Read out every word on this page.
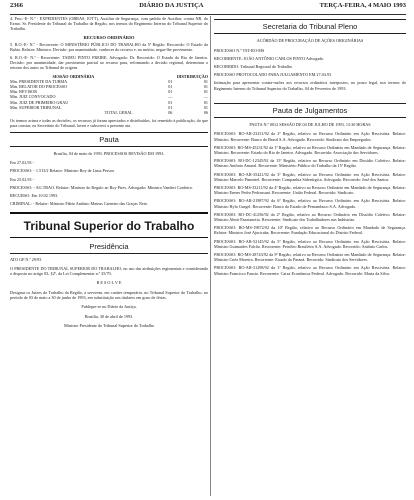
2366	DIÁRIO DA JUSTIÇA	TERÇA-FEIRA, 4 MAIO 1993

4. Proc.-E- N.º - EXPEDIENTES (OBRAS, JOTT), Auxiliar de Segurança, com padrão de Auxiliar, contra NR. do Exmo. Sr. Presidente do Tribunal do Trabalho da Região, nos termos do Regimento Interno do Tribunal Superior do Trabalho.

RECURSO ORDINÁRIO

5. R.O.-E- N.º - Recorrente: O MINISTÉRIO PÚBLICO DO TRABALHO da 5ª Região. Recorrido: O Estado da Bahia. Relator: Ministro. Decisão: por unanimidade, conhecer do recurso e, no mérito, negar-lhe provimento.

6. R.O.-E- N.º - Recorrente: TADEU PINTO FREIRE. Advogado: Dr. Recorrido: O Estado do Rio de Janeiro. Decisão: por unanimidade, dar provimento parcial ao recurso para, reformando a decisão regional, determinar o retorno dos autos ao Tribunal de origem.

SESSÃO ORDINÁRIA		DISTRIBUIÇÃO
Min. PRESIDENTE DA TURMA	01	01
Min. RELATOR DO PROCESSO	01	01
Min. REVISOR	01	01
Min. JUIZ CONVOCADO	—	—
Min. JUIZ DE PRIMEIRO GRAU	01	01
Min. SUPERIOR TRIBUNAL	01	01
TOTAL GERAL	06	06

Os termos acima e todas as decisões, os recursos já foram apreciados e distribuídos, foi remetido à publicação, do que para constar, eu Secretário do Tribunal, lavrei e subscrevi a presente ata.

Pauta

Brasília, 04 de maio de 1993. PROCESSOS REVISÃO EM 1993.

Em 27.02.93 -

PROCESSO: - 1.513/2 Relator: Ministro Roy de Lima Pessoa

Em 25.02.93 -

PROCESSO: - AG.TRAO. Relator: Ministro do Regulo ao Roy Pires. Advogado: Ministro Vanderi Cordeiro.

RECURSO: Em 10.02 1993.

CRIMINAL: - Relator: Ministro Fábio Antônio Mateus Carneiro das Graças Neto.

Tribunal Superior do Trabalho
Presidência

ATO GP N.º 29/93

O PRESIDENTE DO TRIBUNAL SUPERIOR DO TRABALHO, no uso das atribuições regimentais e considerando o disposto no artigo 83, §2º, da Lei Complementar n.º 35/79,

R E S O L V E

Designar os Juízes do Trabalho da Região, a servirem, em caráter temporário, no Tribunal Superior do Trabalho, no período de 03 de maio a 30 de junho de 1993, em substituição aos titulares em gozo de férias.

Publique-se no Diário da Justiça.

Brasília, 30 de abril de 1993.

Ministro Presidente do Tribunal Superior do Trabalho

Secretaria do Tribunal Pleno

ACÓRDÃO DE PROCURAÇÃO DE AÇÕES ORIGINÁRIAS

PROCESSO N.º TST-RO-MS

RECORRENTE: JOÃO ANTÔNIO CARLOS PINTO Advogado

RECORRIDO: Tribunal Regional do Trabalho

PROCESSO PROTOCOLADO PARA JULGAMENTO EM 27.04.93

Intimação para apresentar contra-razões aos recursos ordinários interpostos, no prazo legal, nos termos do Regimento Interno do Tribunal Superior do Trabalho, 04 de Fevereiro de 1993.

Pauta de Julgamentos

PAUTA N.º 0012 SESSÃO DE 04 DE JULHO DE 1993, 13:30 HORAS

PROCESSO: RO-AR-23231/92 da 2ª Região, relativo ao Recurso Ordinário em Ação Rescisória. Relator: Ministro. Recorrente: Banco do Brasil S.A. Advogado. Recorrido: Sindicato dos Empregados.

PROCESSO: RO-MS-45231/92 da 1ª Região, relativo ao Recurso Ordinário em Mandado de Segurança. Relator: Ministro. Recorrente: Estado do Rio de Janeiro. Advogado. Recorrida: Associação dos Servidores.

PROCESSO: RO-DC-12345/92 da 15ª Região, relativo ao Recurso Ordinário em Dissídio Coletivo. Relator: Ministro Antônio Amaral. Recorrente: Ministério Público do Trabalho da 15ª Região.

PROCESSO: RO-AR-35421/92 da 3ª Região, relativo ao Recurso Ordinário em Ação Rescisória. Relator: Ministro Marcelo Pimentel. Recorrente: Companhia Siderúrgica. Advogado. Recorrido: José dos Santos.

PROCESSO: RO-MS-33211/92 da 4ª Região, relativo ao Recurso Ordinário em Mandado de Segurança. Relator: Ministro Ermes Pedro Pedrassani. Recorrente: União Federal. Recorrido: Sindicato.

PROCESSO: RO-AR-21987/92 da 6ª Região, relativo ao Recurso Ordinário em Ação Rescisória. Relator: Ministro Hylo Gurgel. Recorrente: Banco do Estado de Pernambuco S.A. Advogado.

PROCESSO: RO-DC-41256/92 da 2ª Região, relativo ao Recurso Ordinário em Dissídio Coletivo. Relator: Ministro Almir Pazzianotto. Recorrente: Sindicato dos Trabalhadores nas Indústrias.

PROCESSO: RO-MS-19872/92 da 10ª Região, relativo ao Recurso Ordinário em Mandado de Segurança. Relator: Ministro José Ajuricaba. Recorrente: Fundação Educacional do Distrito Federal.

PROCESSO: RO-AR-52145/92 da 5ª Região, relativo ao Recurso Ordinário em Ação Rescisória. Relator: Ministro Guimarães Falcão. Recorrente: Petróleo Brasileiro S.A. Advogado. Recorrido: Antônio Carlos.

PROCESSO: RO-MS-28743/92 da 9ª Região, relativo ao Recurso Ordinário em Mandado de Segurança. Relator: Ministro Cnéa Moreira. Recorrente: Estado do Paraná. Recorrido: Sindicato dos Servidores.

PROCESSO: RO-AR-31298/92 da 1ª Região, relativo ao Recurso Ordinário em Ação Rescisória. Relator: Ministro Francisco Fausto. Recorrente: Caixa Econômica Federal. Advogado. Recorrido: Maria da Silva.
